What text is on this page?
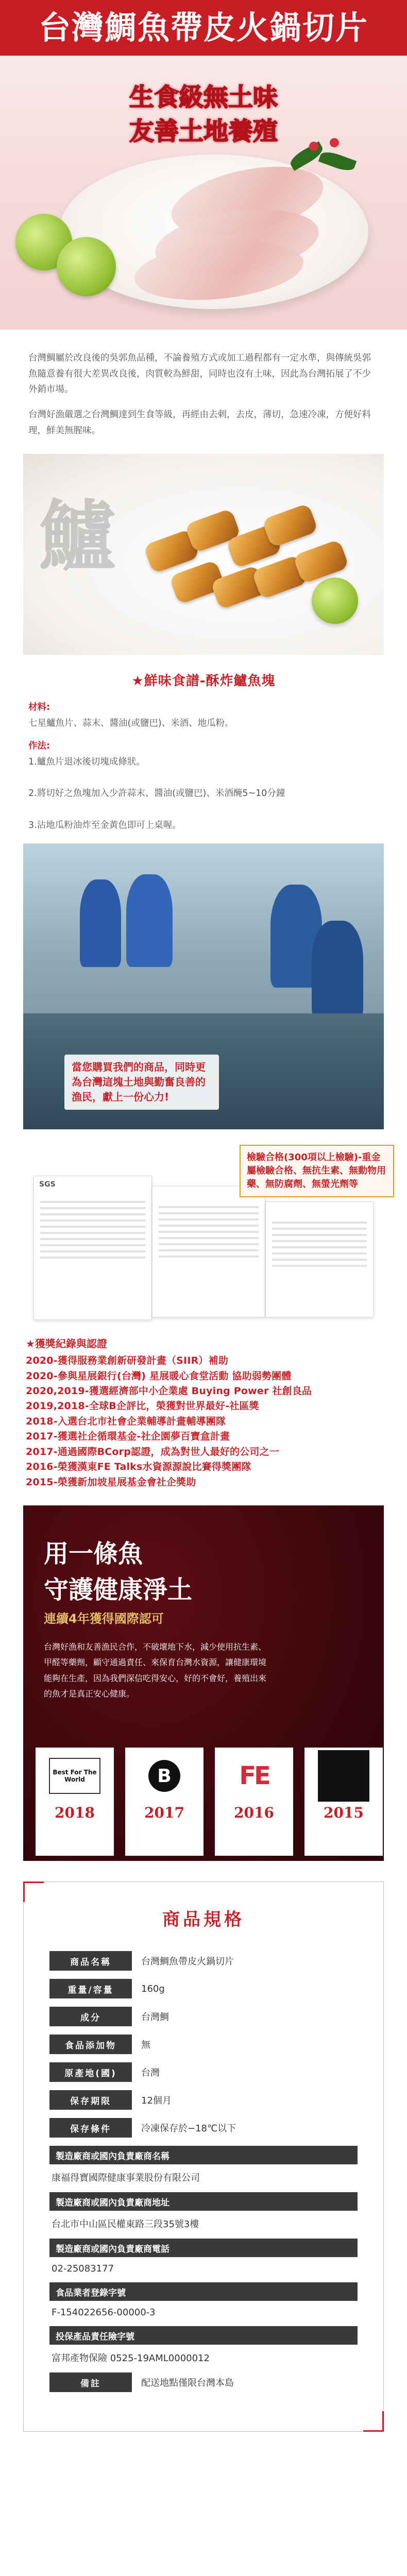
台灣鯛魚帶皮火鍋切片
生食級無土味
友善土地養殖

台灣鯛屬於改良後的吳郭魚品種，不論養殖方式或加工過程都有一定水準，與傳統吳郭魚隨意養有很大差異改良後，肉質較為鮮甜，同時也沒有土味，因此為台灣拓展了不少外銷市場。

台灣好漁嚴選之台灣鯛達到生食等級，再經由去刺，去皮，薄切，急速冷凍，方便好料理，鮮美無腥味。

鱸
★鮮味食譜-酥炸鱸魚塊

材料:
七星鱸魚片、蒜末、醬油(或鹽巴)、米酒、地瓜粉。

作法:
1.鱸魚片退冰後切塊成條狀。

2.將切好之魚塊加入少許蒜末、醬油(或鹽巴)、米酒醃5~10分鐘

3.沾地瓜粉油炸至金黃色即可上桌喔。

當您購買我們的商品，同時更為台灣這塊土地與勤奮良善的漁民，獻上一份心力!
SGS
檢驗合格(300項以上檢驗)-重金屬檢驗合格、無抗生素、無動物用藥、無防腐劑、無螢光劑等
★獲獎紀錄與認證
2020-獲得服務業創新研發計畫（SIIR）補助
2020-參與星展銀行(台灣) 星展暖心食堂活動 協助弱勢團體
2020,2019-獲選經濟部中小企業處 Buying Power 社創良品
2019,2018-全球B企評比，榮獲對世界最好-社區獎
2018-入選台北市社會企業輔導計畫輔導團隊
2017-獲選社企循環基金-社企園夢百寶盒計畫
2017-通過國際BCorp認證，成為對世人最好的公司之一
2016-榮獲漢東FE Talks水資源源說比賽得獎團隊
2015-榮獲新加坡星展基金會社企獎助
用一條魚
守護健康淨土
連續4年獲得國際認可
台灣好漁和友善漁民合作，不破壞地下水，減少使用抗生素、甲醛等藥劑，顧守通過責任、來保育台灣水資源，讓健康環境能夠在生產，因為我們深信吃得安心，好的不會好，養殖出來的魚才是真正安心健康。
Best For The World
2018
B
2017
FE
2016	2015
商品規格
商品名稱	台灣鯛魚帶皮火鍋切片
重量/容量	160g
成分	台灣鯛
食品添加物	無
原產地(國)	台灣
保存期限	12個月
保存條件	冷凍保存於−18℃以下
製造廠商或國內負責廠商名稱
康福得寶國際健康事業股份有限公司
製造廠商或國內負責廠商地址
台北市中山區民權東路三段35號3樓
製造廠商或國內負責廠商電話
02-25083177
食品業者登錄字號
F-154022656-00000-3
投保產品責任險字號
富邦產物保險 0525-19AML0000012
備註	配送地點僅限台灣本島
